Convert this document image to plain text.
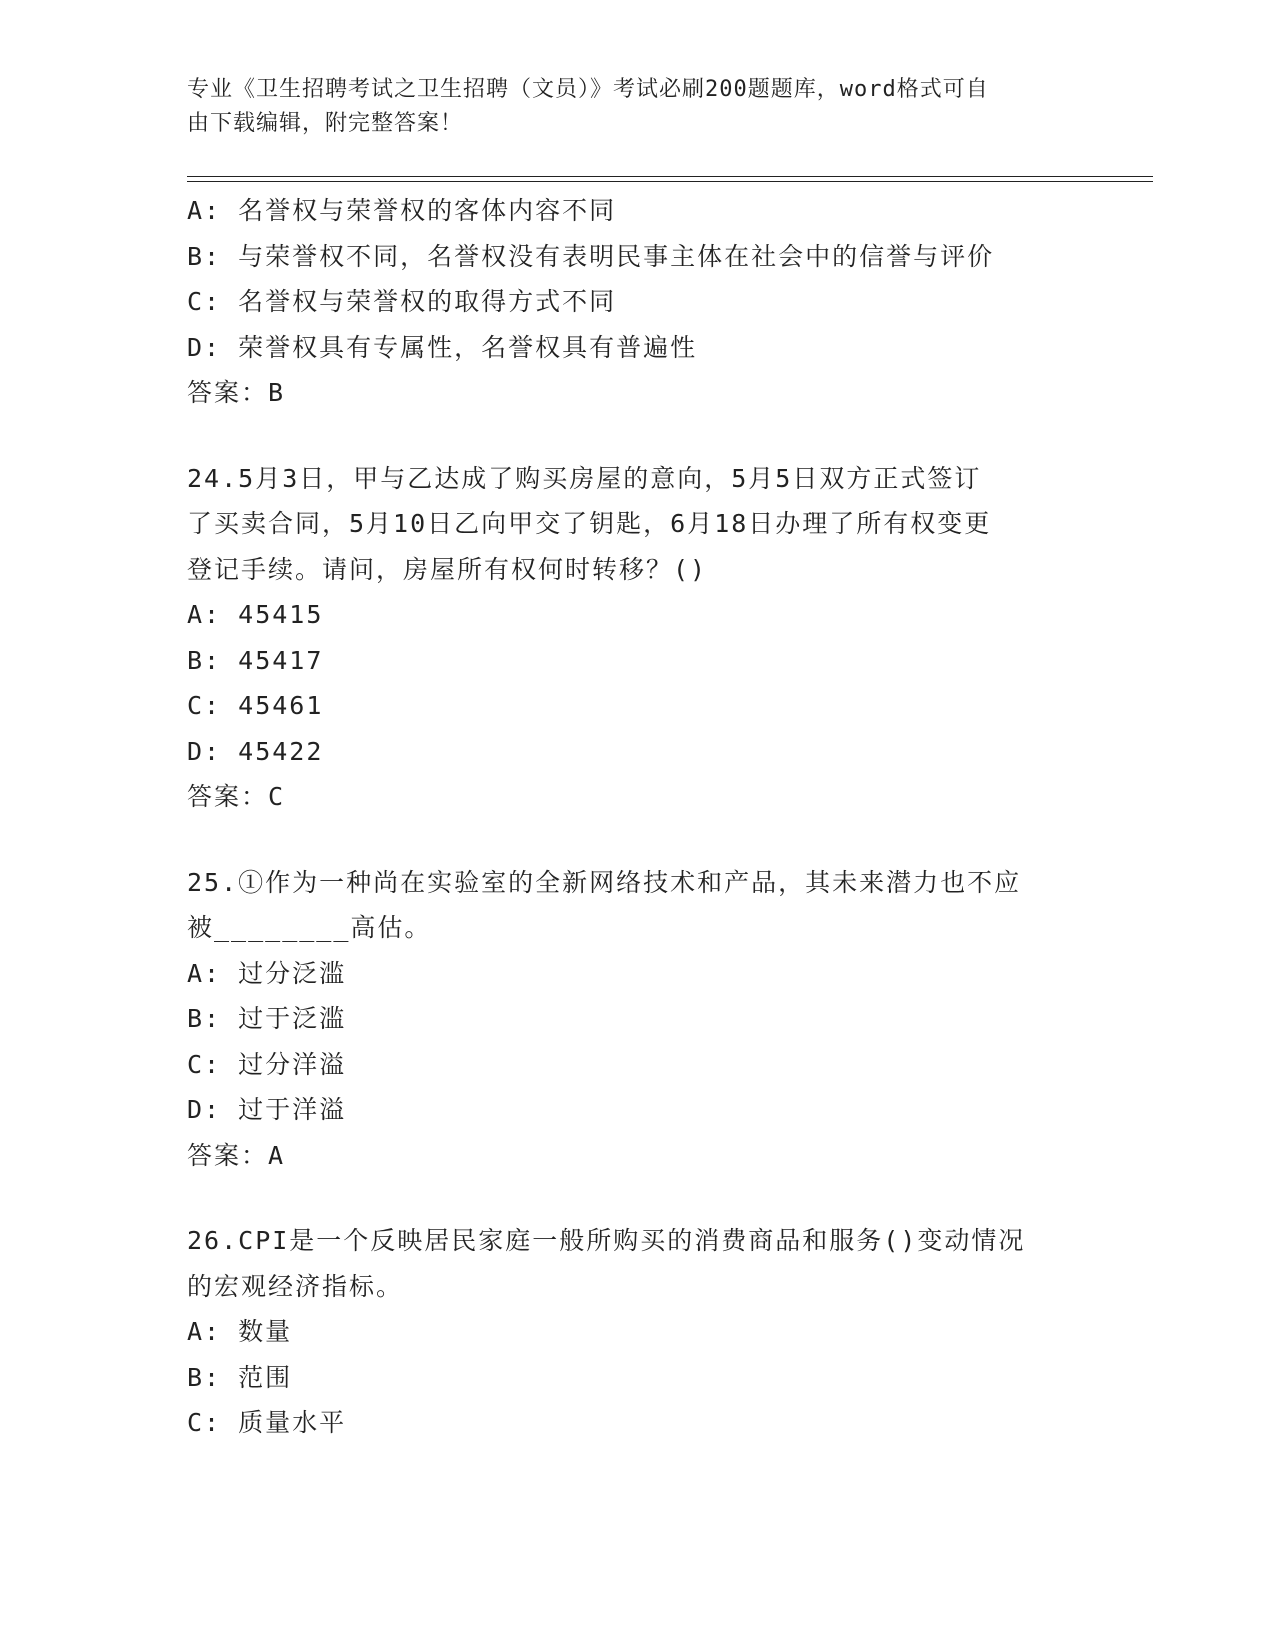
专业《卫生招聘考试之卫生招聘（文员）》考试必刷200题题库，word格式可自

由下载编辑，附完整答案！

A: 名誉权与荣誉权的客体内容不同
B: 与荣誉权不同，名誉权没有表明民事主体在社会中的信誉与评价
C: 名誉权与荣誉权的取得方式不同
D: 荣誉权具有专属性，名誉权具有普遍性
答案：B
24.5月3日，甲与乙达成了购买房屋的意向，5月5日双方正式签订
了买卖合同，5月10日乙向甲交了钥匙，6月18日办理了所有权变更
登记手续。请问，房屋所有权何时转移？()
A: 45415
B: 45417
C: 45461
D: 45422
答案：C
25.①作为一种尚在实验室的全新网络技术和产品，其未来潜力也不应
被________高估。
A: 过分泛滥
B: 过于泛滥
C: 过分洋溢
D: 过于洋溢
答案：A
26.CPI是一个反映居民家庭一般所购买的消费商品和服务()变动情况
的宏观经济指标。
A: 数量
B: 范围
C: 质量水平
